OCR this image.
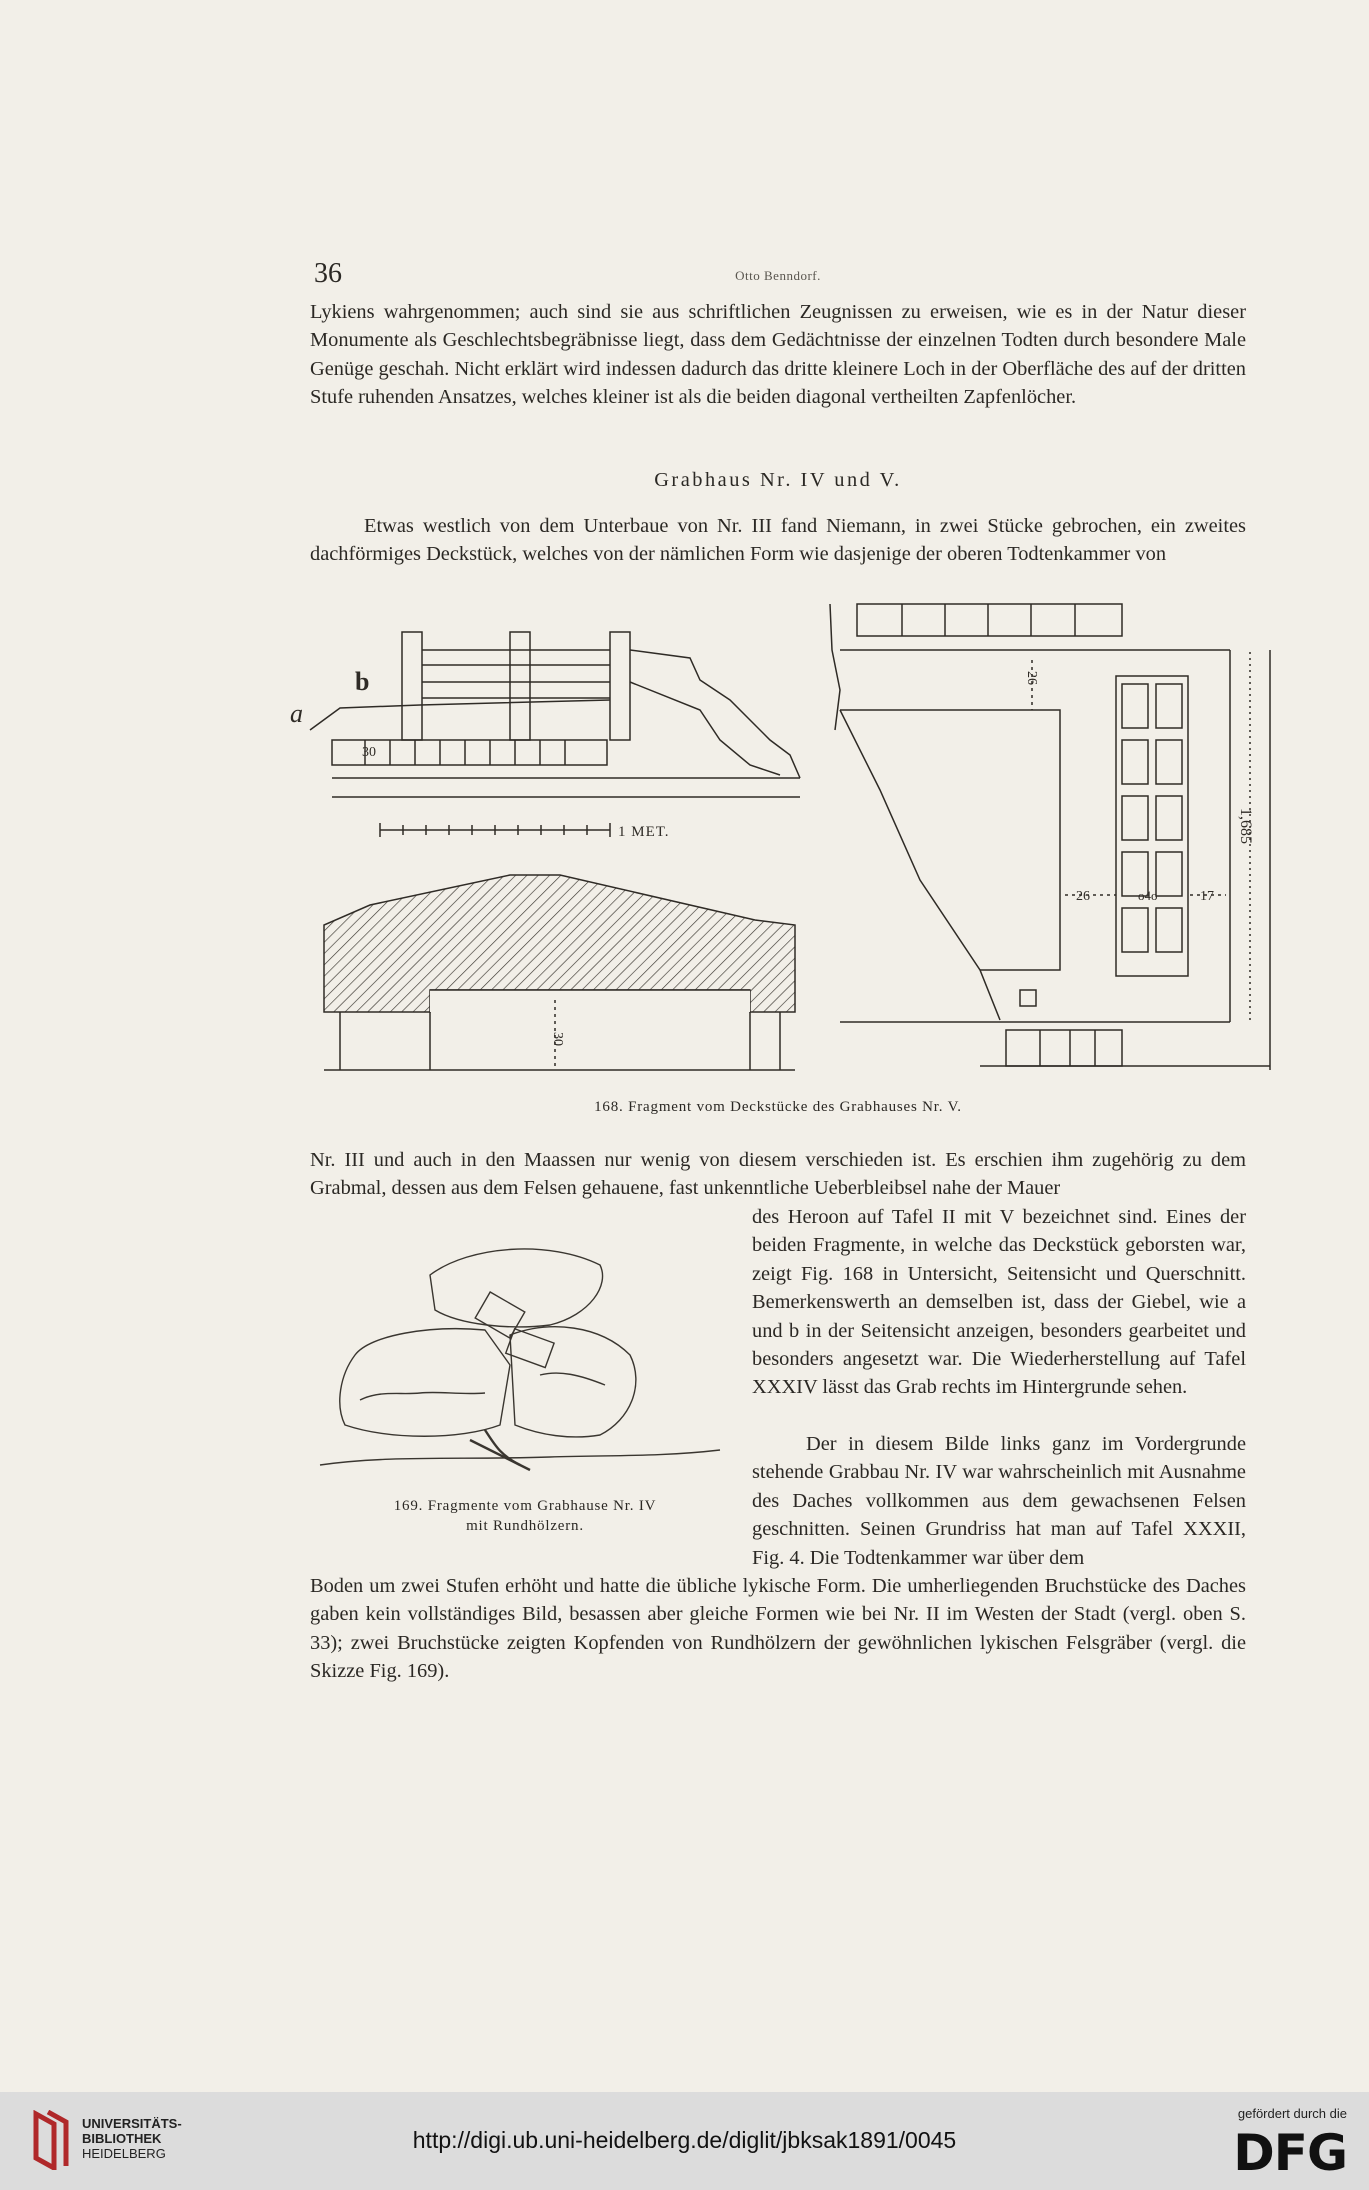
36	Otto Benndorf.

Lykiens wahrgenommen; auch sind sie aus schriftlichen Zeugnissen zu erweisen, wie es in der Natur dieser Monumente als Geschlechtsbegräbnisse liegt, dass dem Gedächtnisse der einzelnen Todten durch besondere Male Genüge geschah. Nicht erklärt wird indessen dadurch das dritte kleinere Loch in der Oberfläche des auf der dritten Stufe ruhenden Ansatzes, welches kleiner ist als die beiden diagonal vertheilten Zapfenlöcher.

Grabhaus Nr. IV und V.

Etwas westlich von dem Unterbaue von Nr. III fand Niemann, in zwei Stücke gebrochen, ein zweites dachförmiges Deckstück, welches von der nämlichen Form wie dasjenige der oberen Todtenkammer von

a
b
30
1 MET.
30
26
26	o4o	17
1,685
168. Fragment vom Deckstücke des Grabhauses Nr. V.

Nr. III und auch in den Maassen nur wenig von diesem verschieden ist. Es erschien ihm zugehörig zu dem Grabmal, dessen aus dem Felsen gehauene, fast unkenntliche Ueberbleibsel nahe der Mauer

169. Fragmente vom Grabhause Nr. IV
mit Rundhölzern.

des Heroon auf Tafel II mit V bezeichnet sind. Eines der beiden Fragmente, in welche das Deckstück geborsten war, zeigt Fig. 168 in Untersicht, Seitensicht und Querschnitt. Bemerkenswerth an demselben ist, dass der Giebel, wie a und b in der Seitensicht anzeigen, besonders gearbeitet und besonders angesetzt war. Die Wiederherstellung auf Tafel XXXIV lässt das Grab rechts im Hintergrunde sehen.

Der in diesem Bilde links ganz im Vordergrunde stehende Grabbau Nr. IV war wahrscheinlich mit Ausnahme des Daches vollkommen aus dem gewachsenen Felsen geschnitten. Seinen Grundriss hat man auf Tafel XXXII, Fig. 4. Die Todtenkammer war über dem

Boden um zwei Stufen erhöht und hatte die übliche lykische Form. Die umherliegenden Bruchstücke des Daches gaben kein vollständiges Bild, besassen aber gleiche Formen wie bei Nr. II im Westen der Stadt (vergl. oben S. 33); zwei Bruchstücke zeigten Kopfenden von Rundhölzern der gewöhnlichen lykischen Felsgräber (vergl. die Skizze Fig. 169).

UNIVERSITÄTS-
BIBLIOTHEK
HEIDELBERG
http://digi.ub.uni-heidelberg.de/diglit/jbksak1891/0045
gefördert durch die
DFG
